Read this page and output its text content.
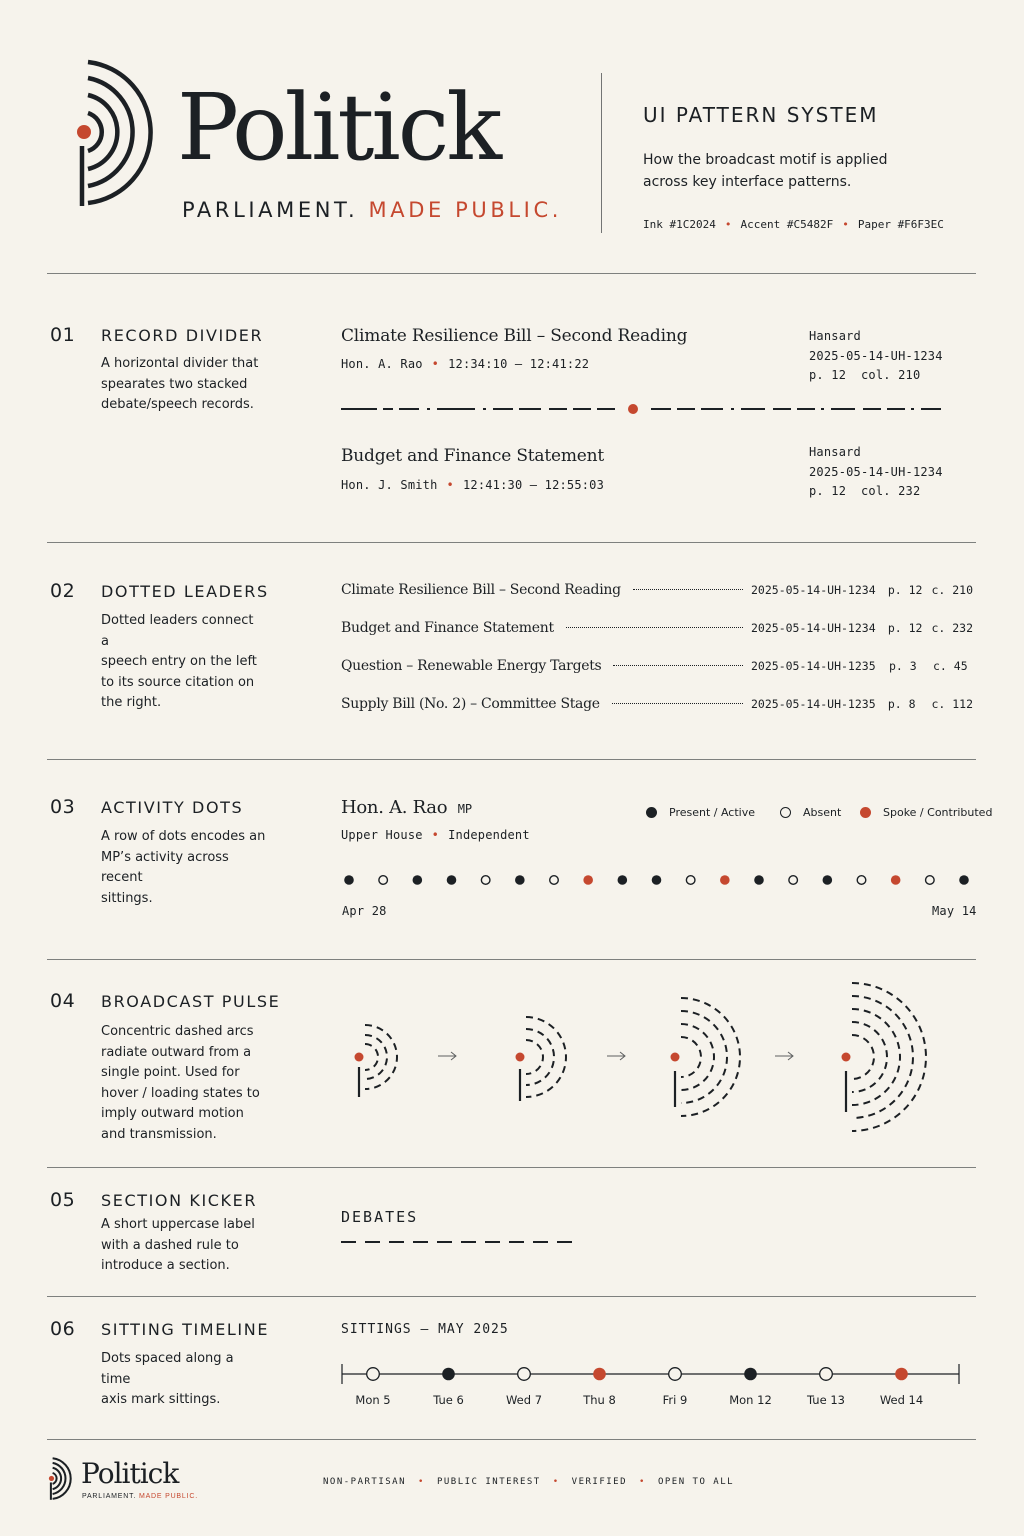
Politick
PARLIAMENT. MADE PUBLIC.
UI PATTERN SYSTEM
How the broadcast motif is applied
across key interface patterns.
Ink #1C2024 • Accent #C5482F • Paper #F6F3EC
01 RECORD DIVIDER
A horizontal divider that
spearates two stacked
debate/speech records.
Climate Resilience Bill – Second Reading
Hon. A. Rao • 12:34:10 – 12:41:22
Hansard
2025-05-14-UH-1234
p. 12  col. 210
Budget and Finance Statement
Hon. J. Smith • 12:41:30 – 12:55:03
Hansard
2025-05-14-UH-1234
p. 12  col. 232
02 DOTTED LEADERS
Dotted leaders connect a
speech entry on the left
to its source citation on
the right.
Climate Resilience Bill – Second Reading	2025-05-14-UH-1234	p. 12 c. 210
Budget and Finance Statement	2025-05-14-UH-1234	p. 12 c. 232
Question – Renewable Energy Targets	2025-05-14-UH-1235	p. 3	c. 45
Supply Bill (No. 2) – Committee Stage	2025-05-14-UH-1235	p. 8	c. 112
03 ACTIVITY DOTS
A row of dots encodes an
MP’s activity across recent
sittings.
Hon. A. Rao MP
Upper House • Independent
Present / Active	Absent	Spoke / Contributed
Apr 28	May 14
04 BROADCAST PULSE
Concentric dashed arcs
radiate outward from a
single point. Used for
hover / loading states to
imply outward motion
and transmission.
05 SECTION KICKER
A short uppercase label
with a dashed rule to
introduce a section.
DEBATES
06 SITTING TIMELINE
Dots spaced along a time
axis mark sittings.
SITTINGS – MAY 2025
Mon 5	Tue 6	Wed 7	Thu 8	Fri 9	Mon 12	Tue 13	Wed 14
Politick
PARLIAMENT. MADE PUBLIC.
NON-PARTISAN • PUBLIC INTEREST • VERIFIED • OPEN TO ALL
